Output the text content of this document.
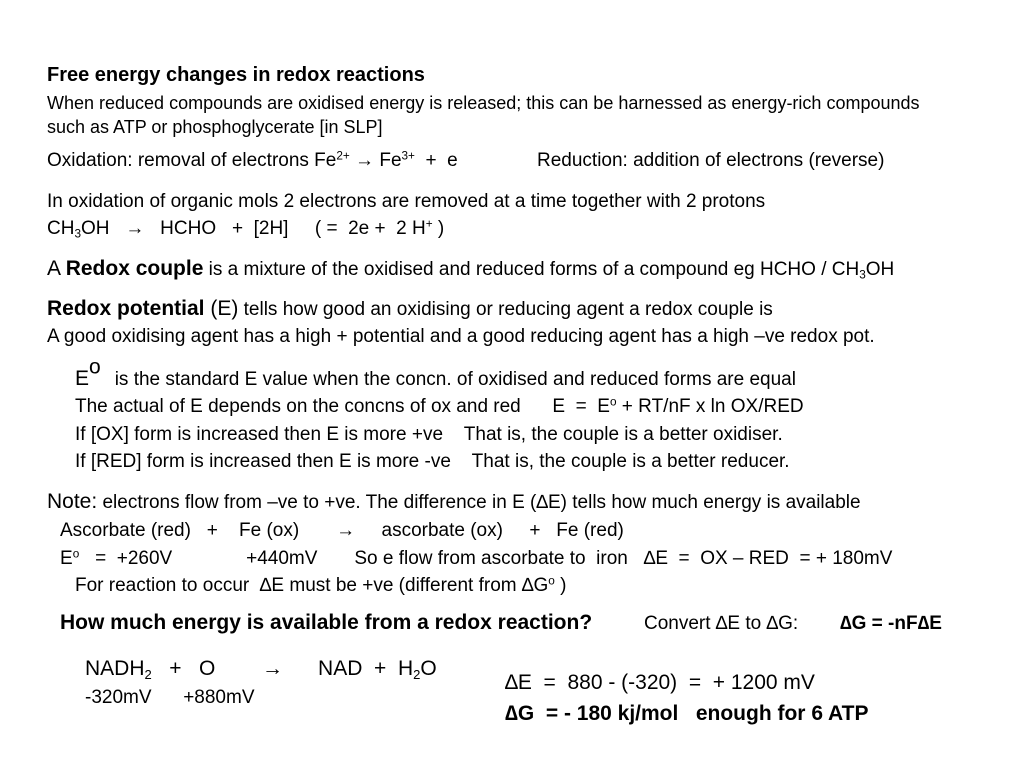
Free energy changes in redox reactions
When reduced compounds are oxidised energy is released; this can be harnessed as energy-rich compounds
such as ATP or phosphoglycerate [in SLP]
Oxidation: removal of electrons $Fe^{2+} \to Fe^{3+} + e$	Reduction: addition of electrons (reverse)
In oxidation of organic mols 2 electrons are removed at a time together with 2 protons
$CH_3OH$   →   HCHO   +  [2H]     ( =  2e +  2 H+ )
A Redox couple is a mixture of the oxidised and reduced forms of a compound eg HCHO / $CH_3OH$
Redox potential (E) tells how good an oxidising or reducing agent a redox couple is
A good oxidising agent has a high + potential and a good reducing agent has a high –ve redox pot.
$E^ois$ the standard E value when the concn. of oxidised and reduced forms are equal
The actual of E depends on the concns of ox and red      $E = E^o + RT/nF$ x ln OX/RED
If [OX] form is increased then E is more +ve    That is, the couple is a better oxidiser.
If [RED] form is increased then E is more -ve    That is, the couple is a better reducer.
Note: electrons flow from –ve to +ve. The difference in E (∆E) tells how much energy is available
Ascorbate (red)   +    Fe (ox)       →     ascorbate (ox)     +   Fe (red)
$E^o = +260V$              +440mV       So e flow from ascorbate to  iron   ∆E  =  OX – RED  = + 180mV
For reaction to occur  ∆E must be +ve (different from $\Delta G^o$ )
How much energy is available from a redox reaction?	Convert ∆E to ∆G: ∆G = -nF∆E
$NADH_2 + O$        →      NAD  +  $H_2O$
-320mV      +880mV
∆E  =  880 - (-320)  =  + 1200 mV
∆G  = - 180 kj/mol   enough for 6 ATP
